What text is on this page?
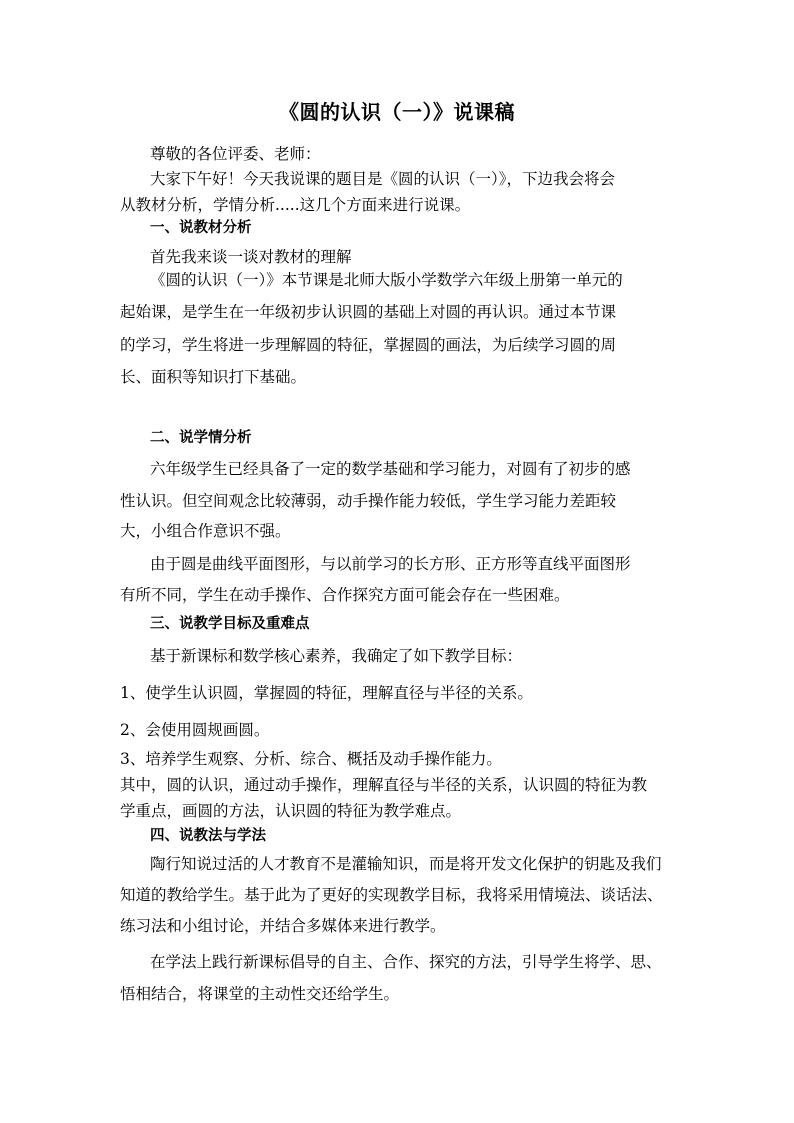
《圆的认识（一）》说课稿
尊敬的各位评委、老师：
大家下午好！今天我说课的题目是《圆的认识（一）》，下边我会将会
从教材分析，学情分析.....这几个方面来进行说课。
一、说教材分析
首先我来谈一谈对教材的理解
《圆的认识（一）》本节课是北师大版小学数学六年级上册第一单元的
起始课，是学生在一年级初步认识圆的基础上对圆的再认识。通过本节课
的学习，学生将进一步理解圆的特征，掌握圆的画法，为后续学习圆的周
长、面积等知识打下基础。
二、说学情分析
六年级学生已经具备了一定的数学基础和学习能力，对圆有了初步的感
性认识。但空间观念比较薄弱，动手操作能力较低，学生学习能力差距较
大，小组合作意识不强。
由于圆是曲线平面图形，与以前学习的长方形、正方形等直线平面图形
有所不同，学生在动手操作、合作探究方面可能会存在一些困难。
三、说教学目标及重难点
基于新课标和数学核心素养，我确定了如下教学目标：
1、使学生认识圆，掌握圆的特征，理解直径与半径的关系。
2、会使用圆规画圆。
3、培养学生观察、分析、综合、概括及动手操作能力。
其中，圆的认识，通过动手操作，理解直径与半径的关系，认识圆的特征为教
学重点，画圆的方法，认识圆的特征为教学难点。
四、说教法与学法
陶行知说过活的人才教育不是灌输知识，而是将开发文化保护的钥匙及我们
知道的教给学生。基于此为了更好的实现教学目标，我将采用情境法、谈话法、
练习法和小组讨论，并结合多媒体来进行教学。
在学法上践行新课标倡导的自主、合作、探究的方法，引导学生将学、思、
悟相结合，将课堂的主动性交还给学生。
